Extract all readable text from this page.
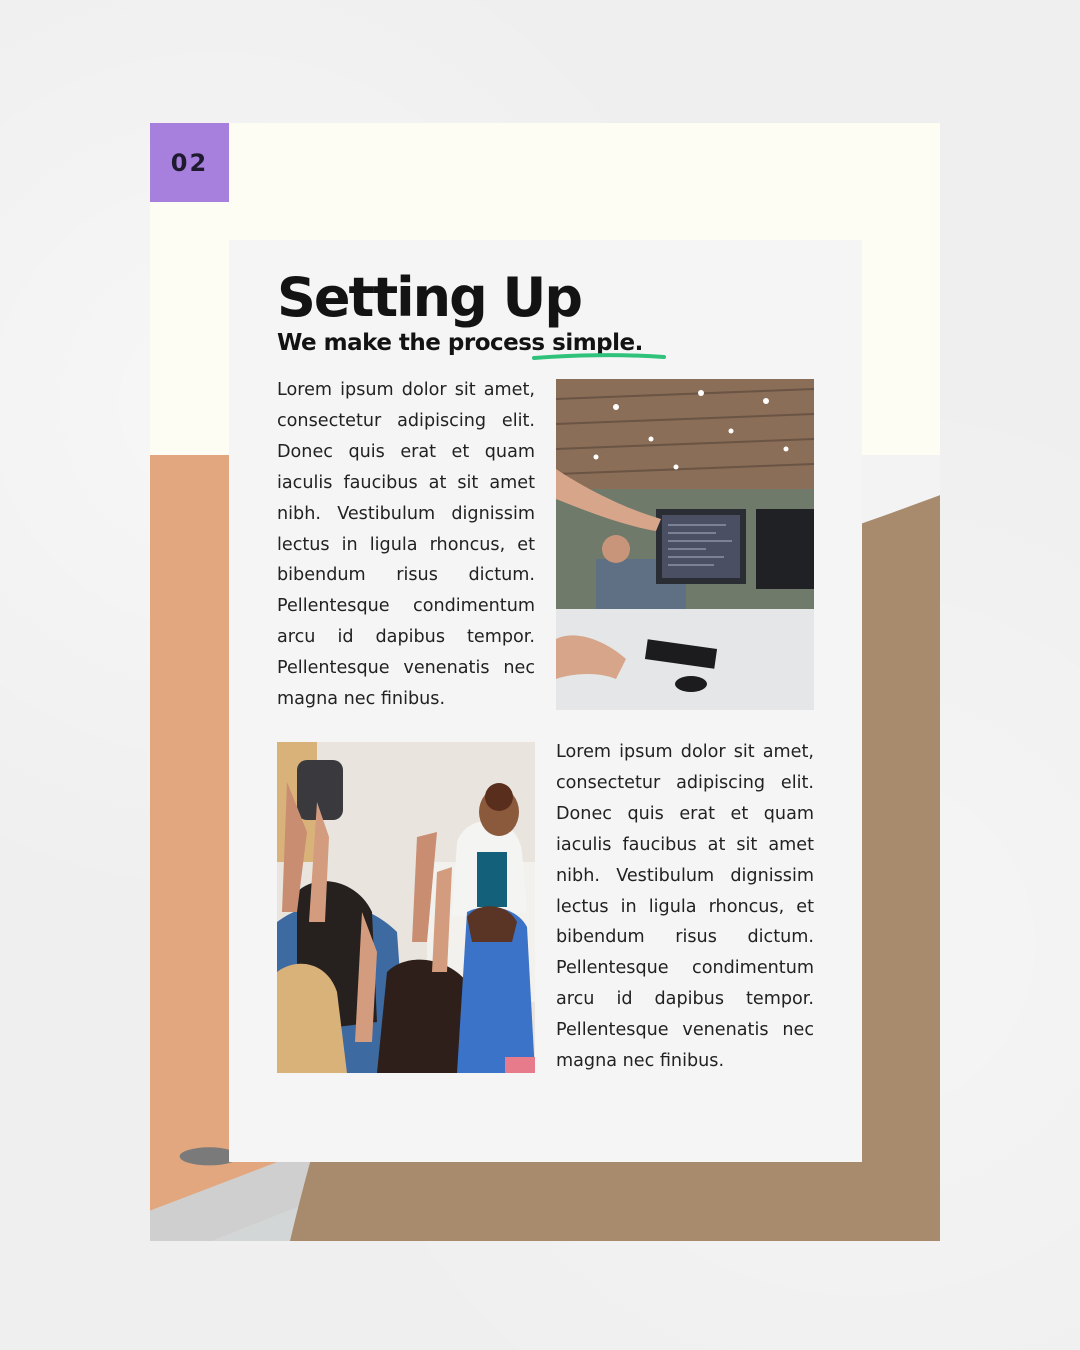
02
Setting Up
We make the process simple.

Lorem ipsum dolor sit amet, consectetur adipiscing elit. Donec quis erat et quam iaculis faucibus at sit amet nibh. Vestibulum dignissim lectus in ligula rhoncus, et bibendum risus dictum. Pellentesque condimentum arcu id dapibus tempor. Pellentesque venenatis nec magna nec finibus.

Lorem ipsum dolor sit amet, consectetur adipiscing elit. Donec quis erat et quam iaculis faucibus at sit amet nibh. Vestibulum dignissim lectus in ligula rhoncus, et bibendum risus dictum. Pellentesque condimentum arcu id dapibus tempor. Pellentesque venenatis nec magna nec finibus.
